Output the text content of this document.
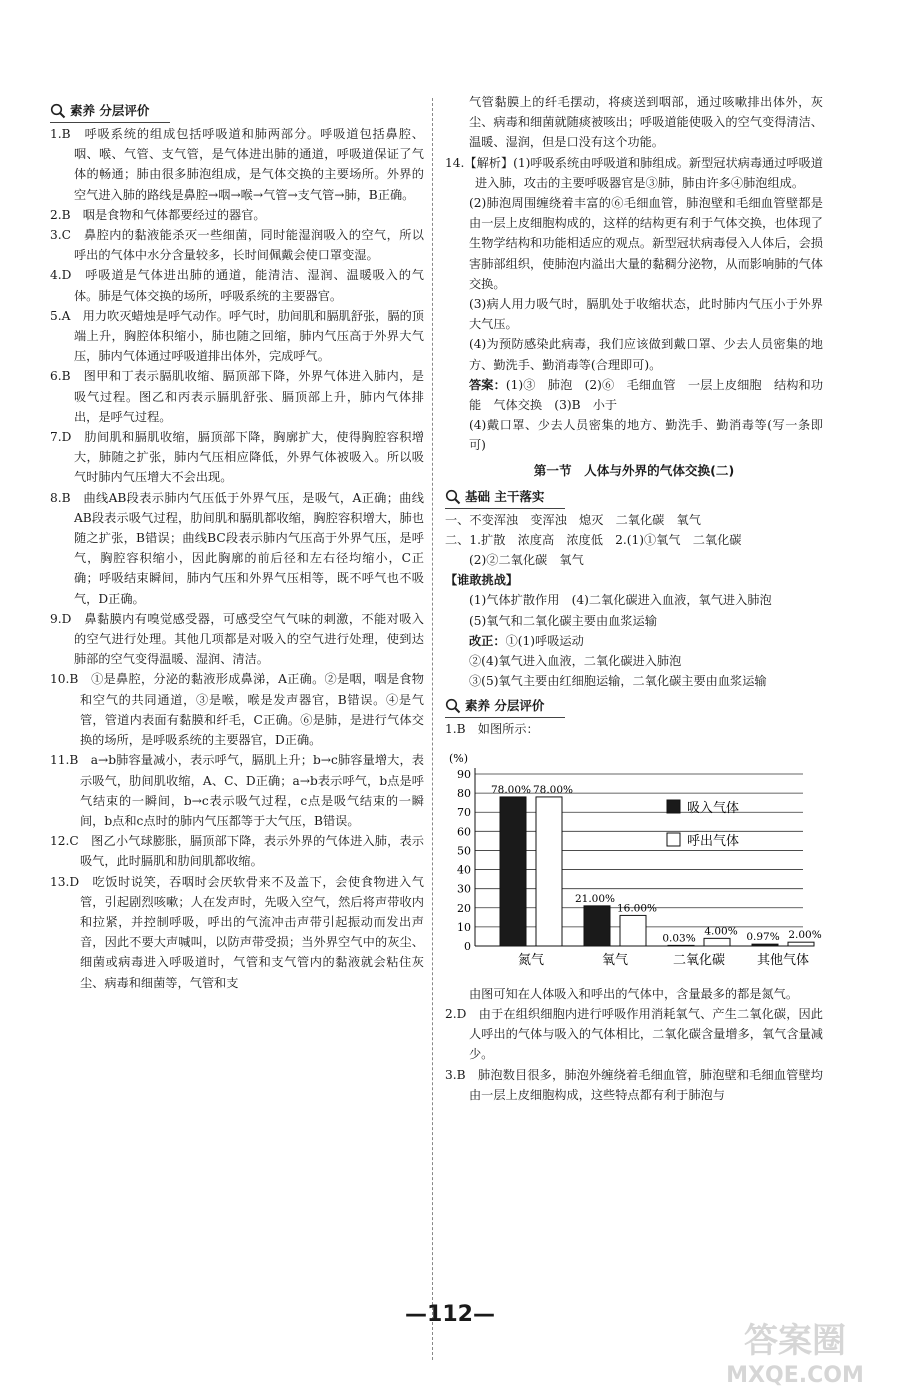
素养 分层评价

1.B　呼吸系统的组成包括呼吸道和肺两部分。呼吸道包括鼻腔、咽、喉、气管、支气管，是气体进出肺的通道，呼吸道保证了气体的畅通；肺由很多肺泡组成，是气体交换的主要场所。外界的空气进入肺的路线是鼻腔→咽→喉→气管→支气管→肺，B正确。

2.B　咽是食物和气体都要经过的器官。

3.C　鼻腔内的黏液能杀灭一些细菌，同时能湿润吸入的空气，所以呼出的气体中水分含量较多，长时间佩戴会使口罩变湿。

4.D　呼吸道是气体进出肺的通道，能清洁、湿润、温暖吸入的气体。肺是气体交换的场所，呼吸系统的主要器官。

5.A　用力吹灭蜡烛是呼气动作。呼气时，肋间肌和膈肌舒张，膈的顶端上升，胸腔体积缩小，肺也随之回缩，肺内气压高于外界大气压，肺内气体通过呼吸道排出体外，完成呼气。

6.B　图甲和丁表示膈肌收缩、膈顶部下降，外界气体进入肺内，是吸气过程。图乙和丙表示膈肌舒张、膈顶部上升，肺内气体排出，是呼气过程。

7.D　肋间肌和膈肌收缩，膈顶部下降，胸廓扩大，使得胸腔容积增大，肺随之扩张，肺内气压相应降低，外界气体被吸入。所以吸气时肺内气压增大不会出现。

8.B　曲线AB段表示肺内气压低于外界气压，是吸气，A正确；曲线AB段表示吸气过程，肋间肌和膈肌都收缩，胸腔容积增大，肺也随之扩张，B错误；曲线BC段表示肺内气压高于外界气压，是呼气，胸腔容积缩小，因此胸廓的前后径和左右径均缩小，C正确；呼吸结束瞬间，肺内气压和外界气压相等，既不呼气也不吸气，D正确。

9.D　鼻黏膜内有嗅觉感受器，可感受空气气味的刺激，不能对吸入的空气进行处理。其他几项都是对吸入的空气进行处理，使到达肺部的空气变得温暖、湿润、清洁。

10.B　①是鼻腔，分泌的黏液形成鼻涕，A正确。②是咽，咽是食物和空气的共同通道，③是喉，喉是发声器官，B错误。④是气管，管道内表面有黏膜和纤毛，C正确。⑥是肺，是进行气体交换的场所，是呼吸系统的主要器官，D正确。

11.B　a→b肺容量减小，表示呼气，膈肌上升；b→c肺容量增大，表示吸气，肋间肌收缩，A、C、D正确；a→b表示呼气，b点是呼气结束的一瞬间，b→c表示吸气过程，c点是吸气结束的一瞬间，b点和c点时的肺内气压都等于大气压，B错误。

12.C　图乙小气球膨胀，膈顶部下降，表示外界的气体进入肺，表示吸气，此时膈肌和肋间肌都收缩。

13.D　吃饭时说笑，吞咽时会厌软骨来不及盖下，会使食物进入气管，引起剧烈咳嗽；人在发声时，先吸入空气，然后将声带收内和拉紧，并控制呼吸，呼出的气流冲击声带引起振动而发出声音，因此不要大声喊叫，以防声带受损；当外界空气中的灰尘、细菌或病毒进入呼吸道时，气管和支气管内的黏液就会粘住灰尘、病毒和细菌等，气管和支

气管黏膜上的纤毛摆动，将痰送到咽部，通过咳嗽排出体外，灰尘、病毒和细菌就随痰被咳出；呼吸道能使吸入的空气变得清洁、温暖、湿润，但是口没有这个功能。

14.【解析】(1)呼吸系统由呼吸道和肺组成。新型冠状病毒通过呼吸道进入肺，攻击的主要呼吸器官是③肺，肺由许多④肺泡组成。

(2)肺泡周围缠绕着丰富的⑥毛细血管，肺泡壁和毛细血管壁都是由一层上皮细胞构成的，这样的结构更有利于气体交换，也体现了生物学结构和功能相适应的观点。新型冠状病毒侵入人体后，会损害肺部组织，使肺泡内溢出大量的黏稠分泌物，从而影响肺的气体交换。

(3)病人用力吸气时，膈肌处于收缩状态，此时肺内气压小于外界大气压。

(4)为预防感染此病毒，我们应该做到戴口罩、少去人员密集的地方、勤洗手、勤消毒等(合理即可)。

答案：(1)③　肺泡　(2)⑥　毛细血管　一层上皮细胞　结构和功能　气体交换　(3)B　小于

(4)戴口罩、少去人员密集的地方、勤洗手、勤消毒等(写一条即可)

第一节　人体与外界的气体交换(二)
基础 主干落实

一、不变浑浊　变浑浊　熄灭　二氧化碳　氧气

二、1.扩散　浓度高　浓度低　2.(1)①氧气　二氧化碳

(2)②二氧化碳　氧气

【谁敢挑战】

(1)气体扩散作用　(4)二氧化碳进入血液，氧气进入肺泡

(5)氧气和二氧化碳主要由血浆运输

改正：①(1)呼吸运动

②(4)氧气进入血液，二氧化碳进入肺泡

③(5)氧气主要由红细胞运输，二氧化碳主要由血浆运输

素养 分层评价

1.B　如图所示：

(%)
0
10
20
30
40
50
60
70
80
90
78.00% 78.00%
氮气
21.00%
16.00%
氧气
0.03%
4.00%
二氧化碳
0.97% 2.00%
其他气体
吸入气体
呼出气体

由图可知在人体吸入和呼出的气体中，含量最多的都是氮气。

2.D　由于在组织细胞内进行呼吸作用消耗氧气、产生二氧化碳，因此人呼出的气体与吸入的气体相比，二氧化碳含量增多，氧气含量减少。

3.B　肺泡数目很多，肺泡外缠绕着毛细血管，肺泡壁和毛细血管壁均由一层上皮细胞构成，这些特点都有利于肺泡与

—112—
答案圈
MXQE.COM
